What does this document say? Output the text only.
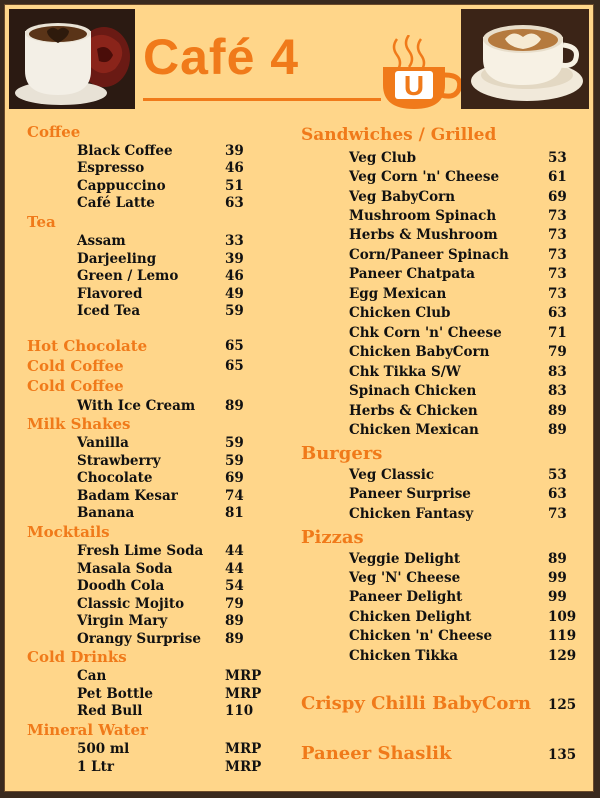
Café 4
U
Coffee
Black Coffee	39
Espresso	46
Cappuccino	51
Café Latte	63
Tea
Assam	33
Darjeeling	39
Green / Lemo	46
Flavored	49
Iced Tea	59
Hot Chocolate	65
Cold Coffee	65
Cold Coffee
With Ice Cream 89
Milk Shakes
Vanilla	59
Strawberry	59
Chocolate	69
Badam Kesar	74
Banana	81
Mocktails
Fresh Lime Soda 44
Masala Soda	44
Doodh Cola	54
Classic Mojito	79
Virgin Mary	89
Orangy Surprise 89
Cold Drinks
Can	MRP
Pet Bottle	MRP
Red Bull	110
Mineral Water
500 ml	MRP
1 Ltr	MRP
Sandwiches / Grilled
Veg Club	53
Veg Corn 'n' Cheese	61
Veg BabyCorn	69
Mushroom Spinach	73
Herbs & Mushroom	73
Corn/Paneer Spinach	73
Paneer Chatpata	73
Egg Mexican	73
Chicken Club	63
Chk Corn 'n' Cheese	71
Chicken BabyCorn	79
Chk Tikka S/W	83
Spinach Chicken	83
Herbs & Chicken	89
Chicken Mexican	89
Burgers
Veg Classic	53
Paneer Surprise	63
Chicken Fantasy	73
Pizzas
Veggie Delight	89
Veg 'N' Cheese	99
Paneer Delight	99
Chicken Delight	109
Chicken 'n' Cheese	119
Chicken Tikka	129
Crispy Chilli BabyCorn 125
Paneer Shaslik	135
